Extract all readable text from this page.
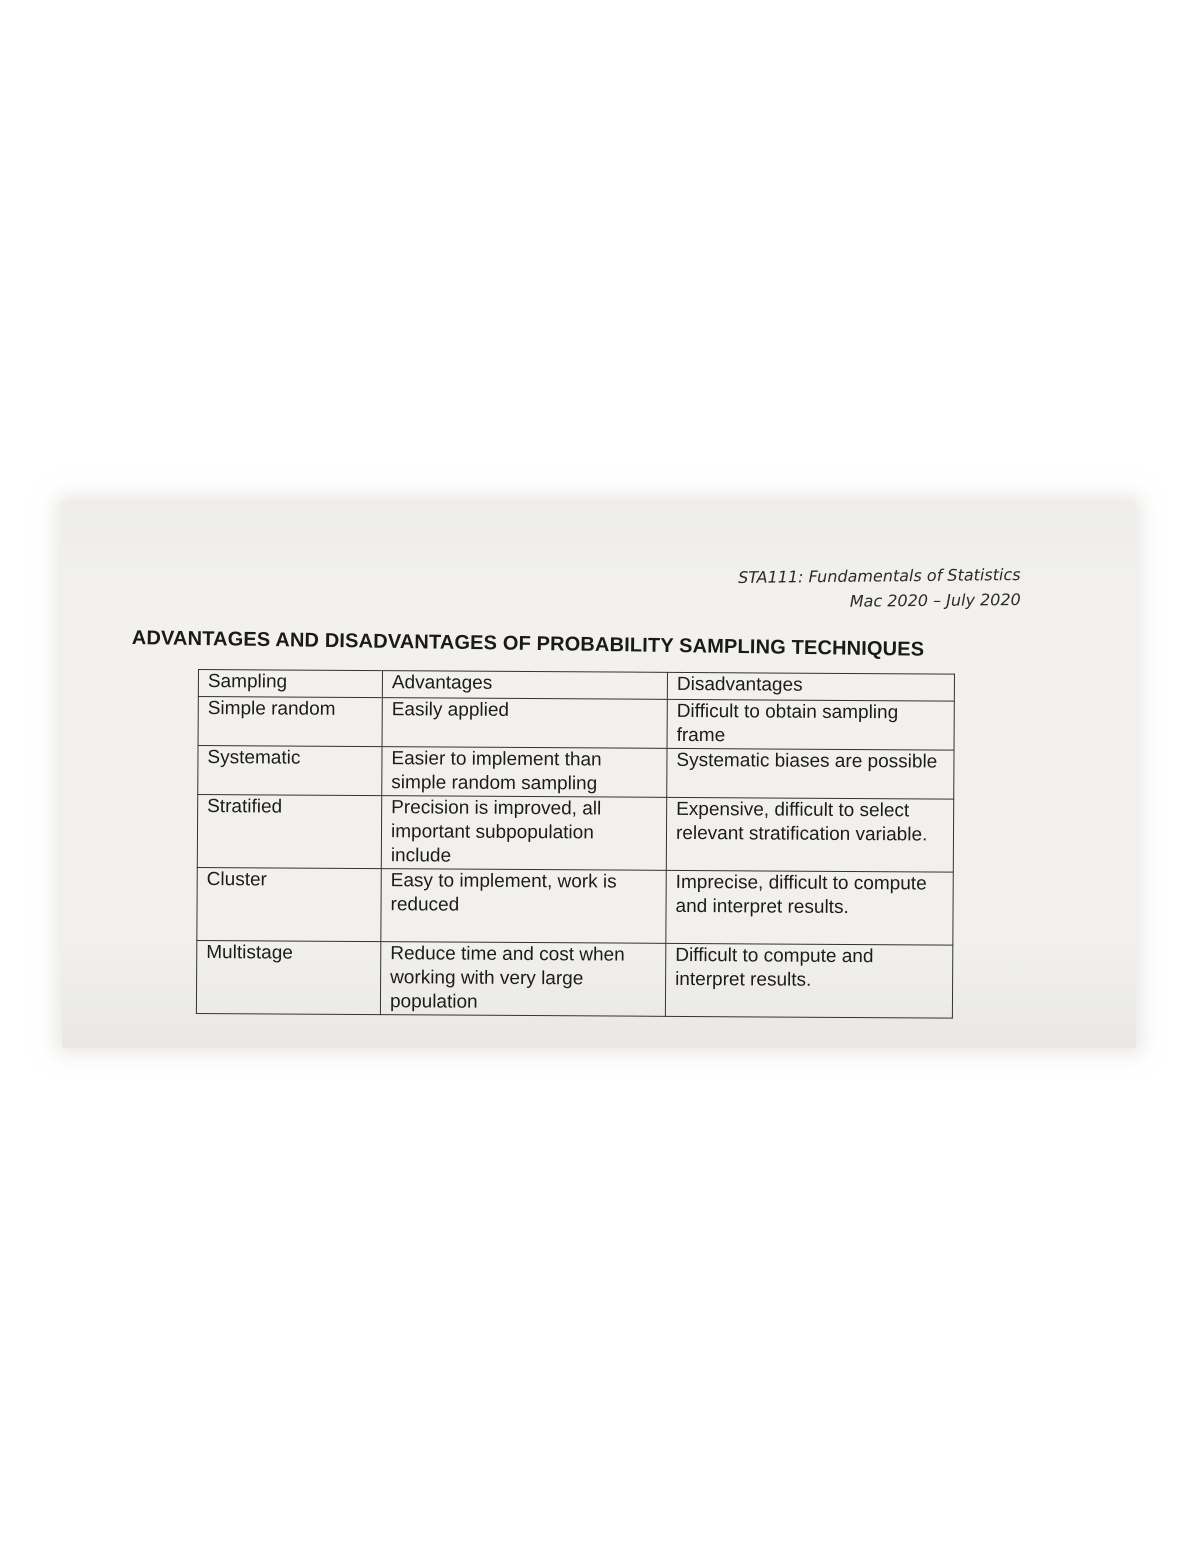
STA111: Fundamentals of Statistics
Mac 2020 – July 2020
ADVANTAGES AND DISADVANTAGES OF PROBABILITY SAMPLING TECHNIQUES
Sampling	Advantages	Disadvantages
Simple random	Easily applied	Difficult to obtain sampling frame
Systematic	Easier to implement than simple random sampling	Systematic biases are possible
Stratified	Precision is improved, all important subpopulation include	Expensive, difficult to select relevant stratification variable.
Cluster	Easy to implement, work is reduced	Imprecise, difficult to compute and interpret results.
Multistage	Reduce time and cost when working with very large population	Difficult to compute and interpret results.
